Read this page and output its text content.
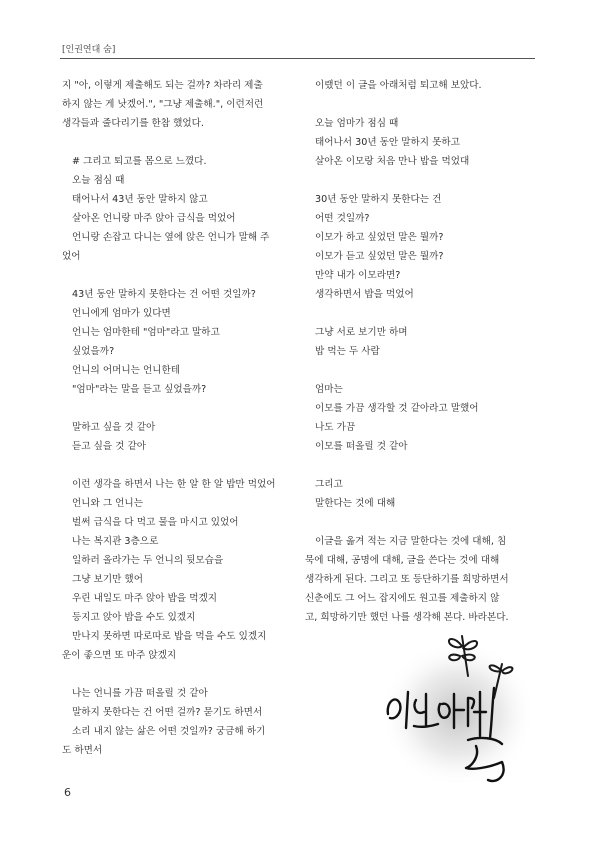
[인권연대 숨]
지 "아, 이렇게 제출해도 되는 걸까? 차라리 제출
하지 않는 게 낫겠어.", "그냥 제출해.", 이런저런
생각들과 줄다리기를 한참 했었다.
# 그리고 퇴고를 몸으로 느꼈다.
오늘 점심 때
태어나서 43년 동안 말하지 않고
살아온 언니랑 마주 앉아 급식을 먹었어
언니랑 손잡고 다니는 옆에 앉은 언니가 말해 주
었어
43년 동안 말하지 못한다는 건 어떤 것일까?
언니에게 엄마가 있다면
언니는 엄마한테 "엄마"라고 말하고
싶었을까?
언니의 어머니는 언니한테
"엄마"라는 말을 듣고 싶었을까?
말하고 싶을 것 같아
듣고 싶을 것 같아
이런 생각을 하면서 나는 한 알 한 알 밥만 먹었어
언니와 그 언니는
벌써 급식을 다 먹고 물을 마시고 있었어
나는 복지관 3층으로
일하러 올라가는 두 언니의 뒷모습을
그냥 보기만 했어
우린 내일도 마주 앉아 밥을 먹겠지
등지고 앉아 밥을 수도 있겠지
만나지 못하면 따로따로 밥을 먹을 수도 있겠지
운이 좋으면 또 마주 앉겠지
나는 언니를 가끔 떠올릴 것 같아
말하지 못한다는 건 어떤 걸까? 묻기도 하면서
소리 내지 않는 삶은 어떤 것일까? 궁금해 하기
도 하면서
이랬던 이 글을 아래처럼 퇴고해 보았다.
오늘 엄마가 점심 때
태어나서 30년 동안 말하지 못하고
살아온 이모랑 처음 만나 밥을 먹었대
30년 동안 말하지 못한다는 건
어떤 것일까?
이모가 하고 싶었던 말은 뭘까?
이모가 듣고 싶었던 말은 뭘까?
만약 내가 이모라면?
생각하면서 밥을 먹었어
그냥 서로 보기만 하며
밥 먹는 두 사람
엄마는
이모를 가끔 생각할 것 같아라고 말했어
나도 가끔
이모를 떠올릴 것 같아
그리고
말한다는 것에 대해
이글을 옮겨 적는 지금 말한다는 것에 대해, 침
묵에 대해, 공명에 대해, 글을 쓴다는 것에 대해
생각하게 된다. 그리고 또 등단하기를 희망하면서
신춘에도 그 어느 잡지에도 원고를 제출하지 않
고, 희망하기만 했던 나를 생각해 본다. 바라본다.
6
